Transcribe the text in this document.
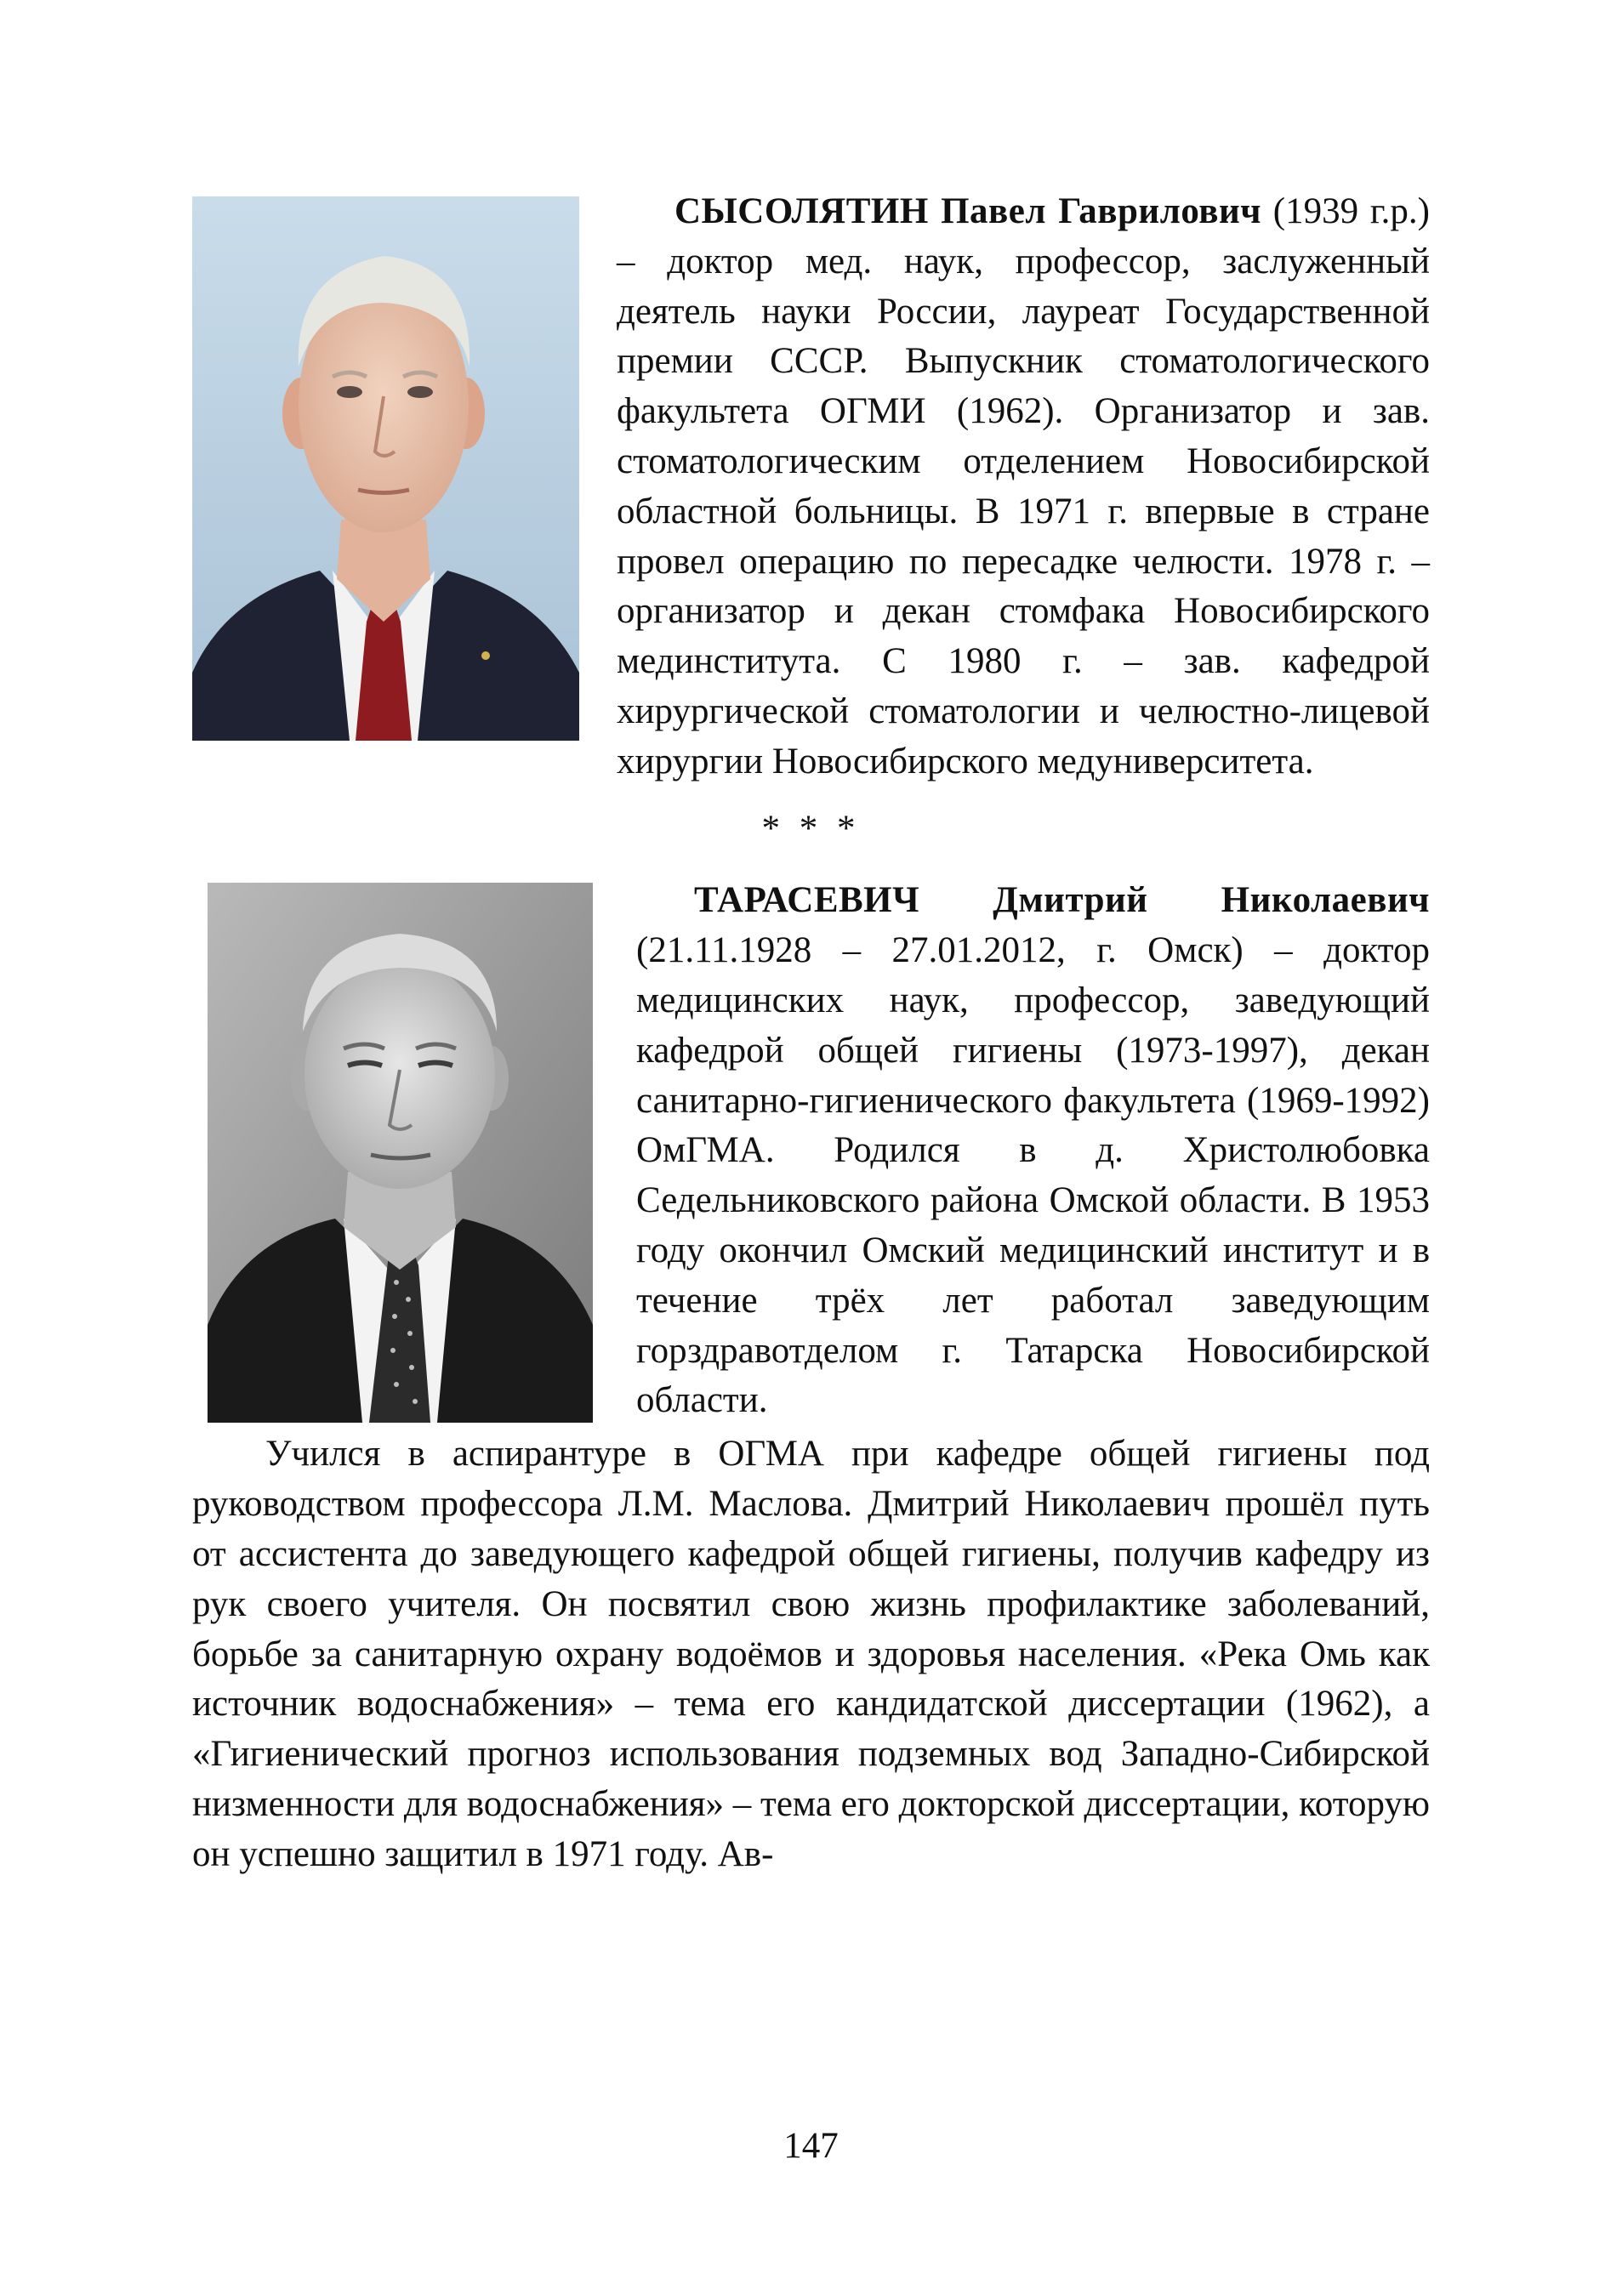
СЫСОЛЯТИН Павел Гаврилович (1939 г.р.) – доктор мед. наук, профессор, заслуженный деятель науки России, лауреат Государственной премии СССР. Выпускник стоматологического факультета ОГМИ (1962). Организатор и зав. стоматологическим отделением Новосибирской областной больницы. В 1971 г. впервые в стране провел операцию по пересадке челюсти. 1978 г. – организатор и декан стомфака Новосибирского мединститута. С 1980 г. – зав. кафедрой хирургической стоматологии и челюстно-лицевой хирургии Новосибирского медуниверситета.

* * *

ТАРАСЕВИЧ Дмитрий Николаевич (21.11.1928 – 27.01.2012, г. Омск) – доктор медицинских наук, профессор, заведующий кафедрой общей гигиены (1973-1997), декан санитарно-гигиенического факультета (1969-1992) ОмГМА. Родился в д. Христолюбовка Седельниковского района Омской области. В 1953 году окончил Омский медицинский институт и в течение трёх лет работал заведующим горздравотделом г. Татарска Новосибирской области.

Учился в аспирантуре в ОГМА при кафедре общей гигиены под руководством профессора Л.М. Маслова. Дмитрий Николаевич прошёл путь от ассистента до заведующего кафедрой общей гигиены, получив кафедру из рук своего учителя. Он посвятил свою жизнь профилактике заболеваний, борьбе за санитарную охрану водоёмов и здоровья населения. «Река Омь как источник водоснабжения» – тема его кандидатской диссертации (1962), а «Гигиенический прогноз использования подземных вод Западно-Сибирской низменности для водоснабжения» – тема его докторской диссертации, которую он успешно защитил в 1971 году. Ав-

147
